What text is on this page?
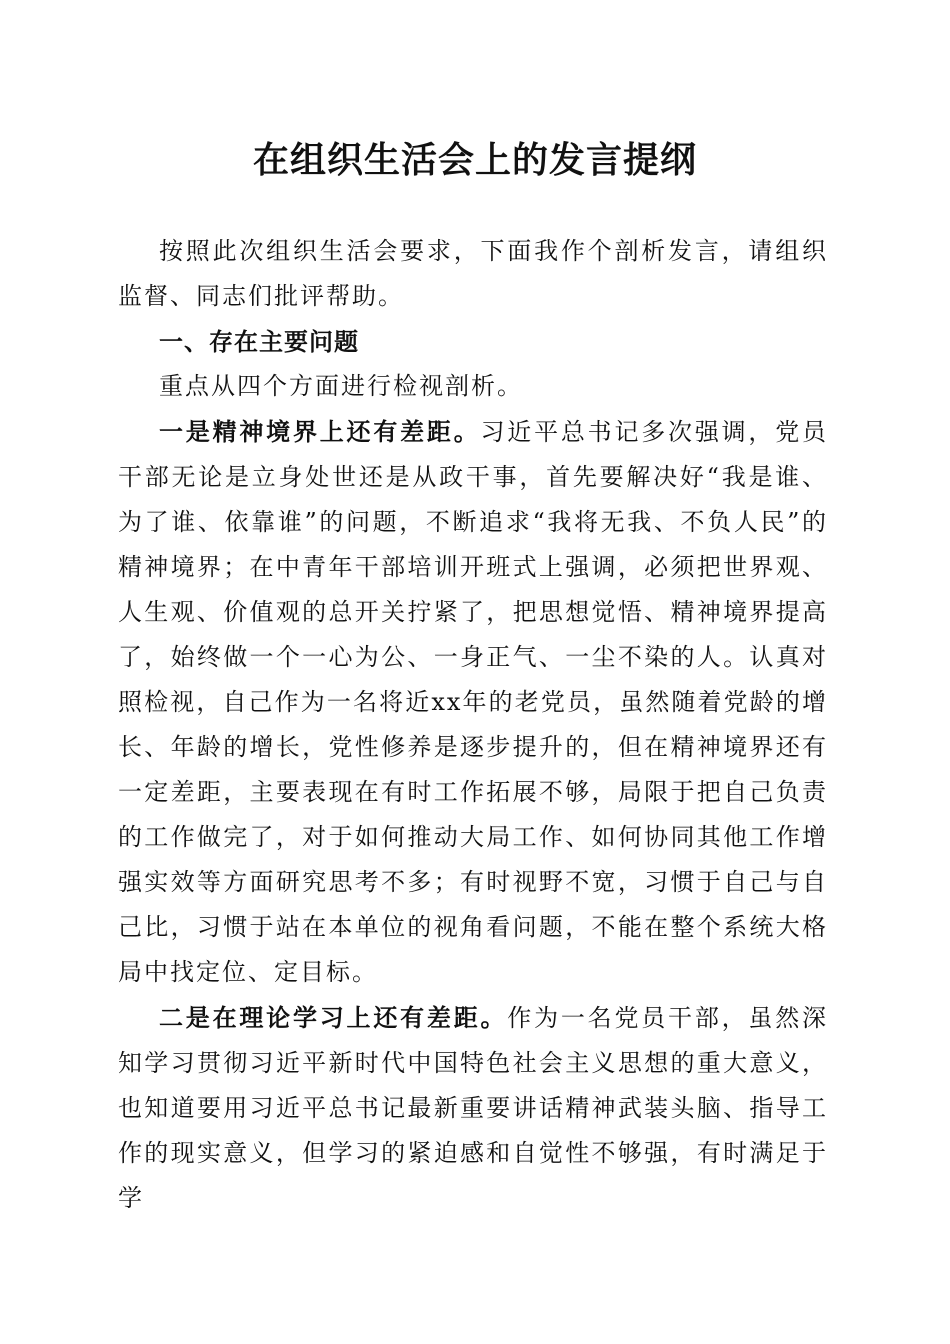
在组织生活会上的发言提纲

按照此次组织生活会要求，下面我作个剖析发言，请组织监督、同志们批评帮助。

一、存在主要问题

重点从四个方面进行检视剖析。

一是精神境界上还有差距。习近平总书记多次强调，党员干部无论是立身处世还是从政干事，首先要解决好“我是谁、为了谁、依靠谁”的问题，不断追求“我将无我、不负人民”的精神境界；在中青年干部培训开班式上强调，必须把世界观、人生观、价值观的总开关拧紧了，把思想觉悟、精神境界提高了，始终做一个一心为公、一身正气、一尘不染的人。认真对照检视，自己作为一名将近xx年的老党员，虽然随着党龄的增长、年龄的增长，党性修养是逐步提升的，但在精神境界还有一定差距，主要表现在有时工作拓展不够，局限于把自己负责的工作做完了，对于如何推动大局工作、如何协同其他工作增强实效等方面研究思考不多；有时视野不宽，习惯于自己与自己比，习惯于站在本单位的视角看问题，不能在整个系统大格局中找定位、定目标。

二是在理论学习上还有差距。作为一名党员干部，虽然深知学习贯彻习近平新时代中国特色社会主义思想的重大意义，也知道要用习近平总书记最新重要讲话精神武装头脑、指导工作的现实意义，但学习的紧迫感和自觉性不够强，有时满足于学
